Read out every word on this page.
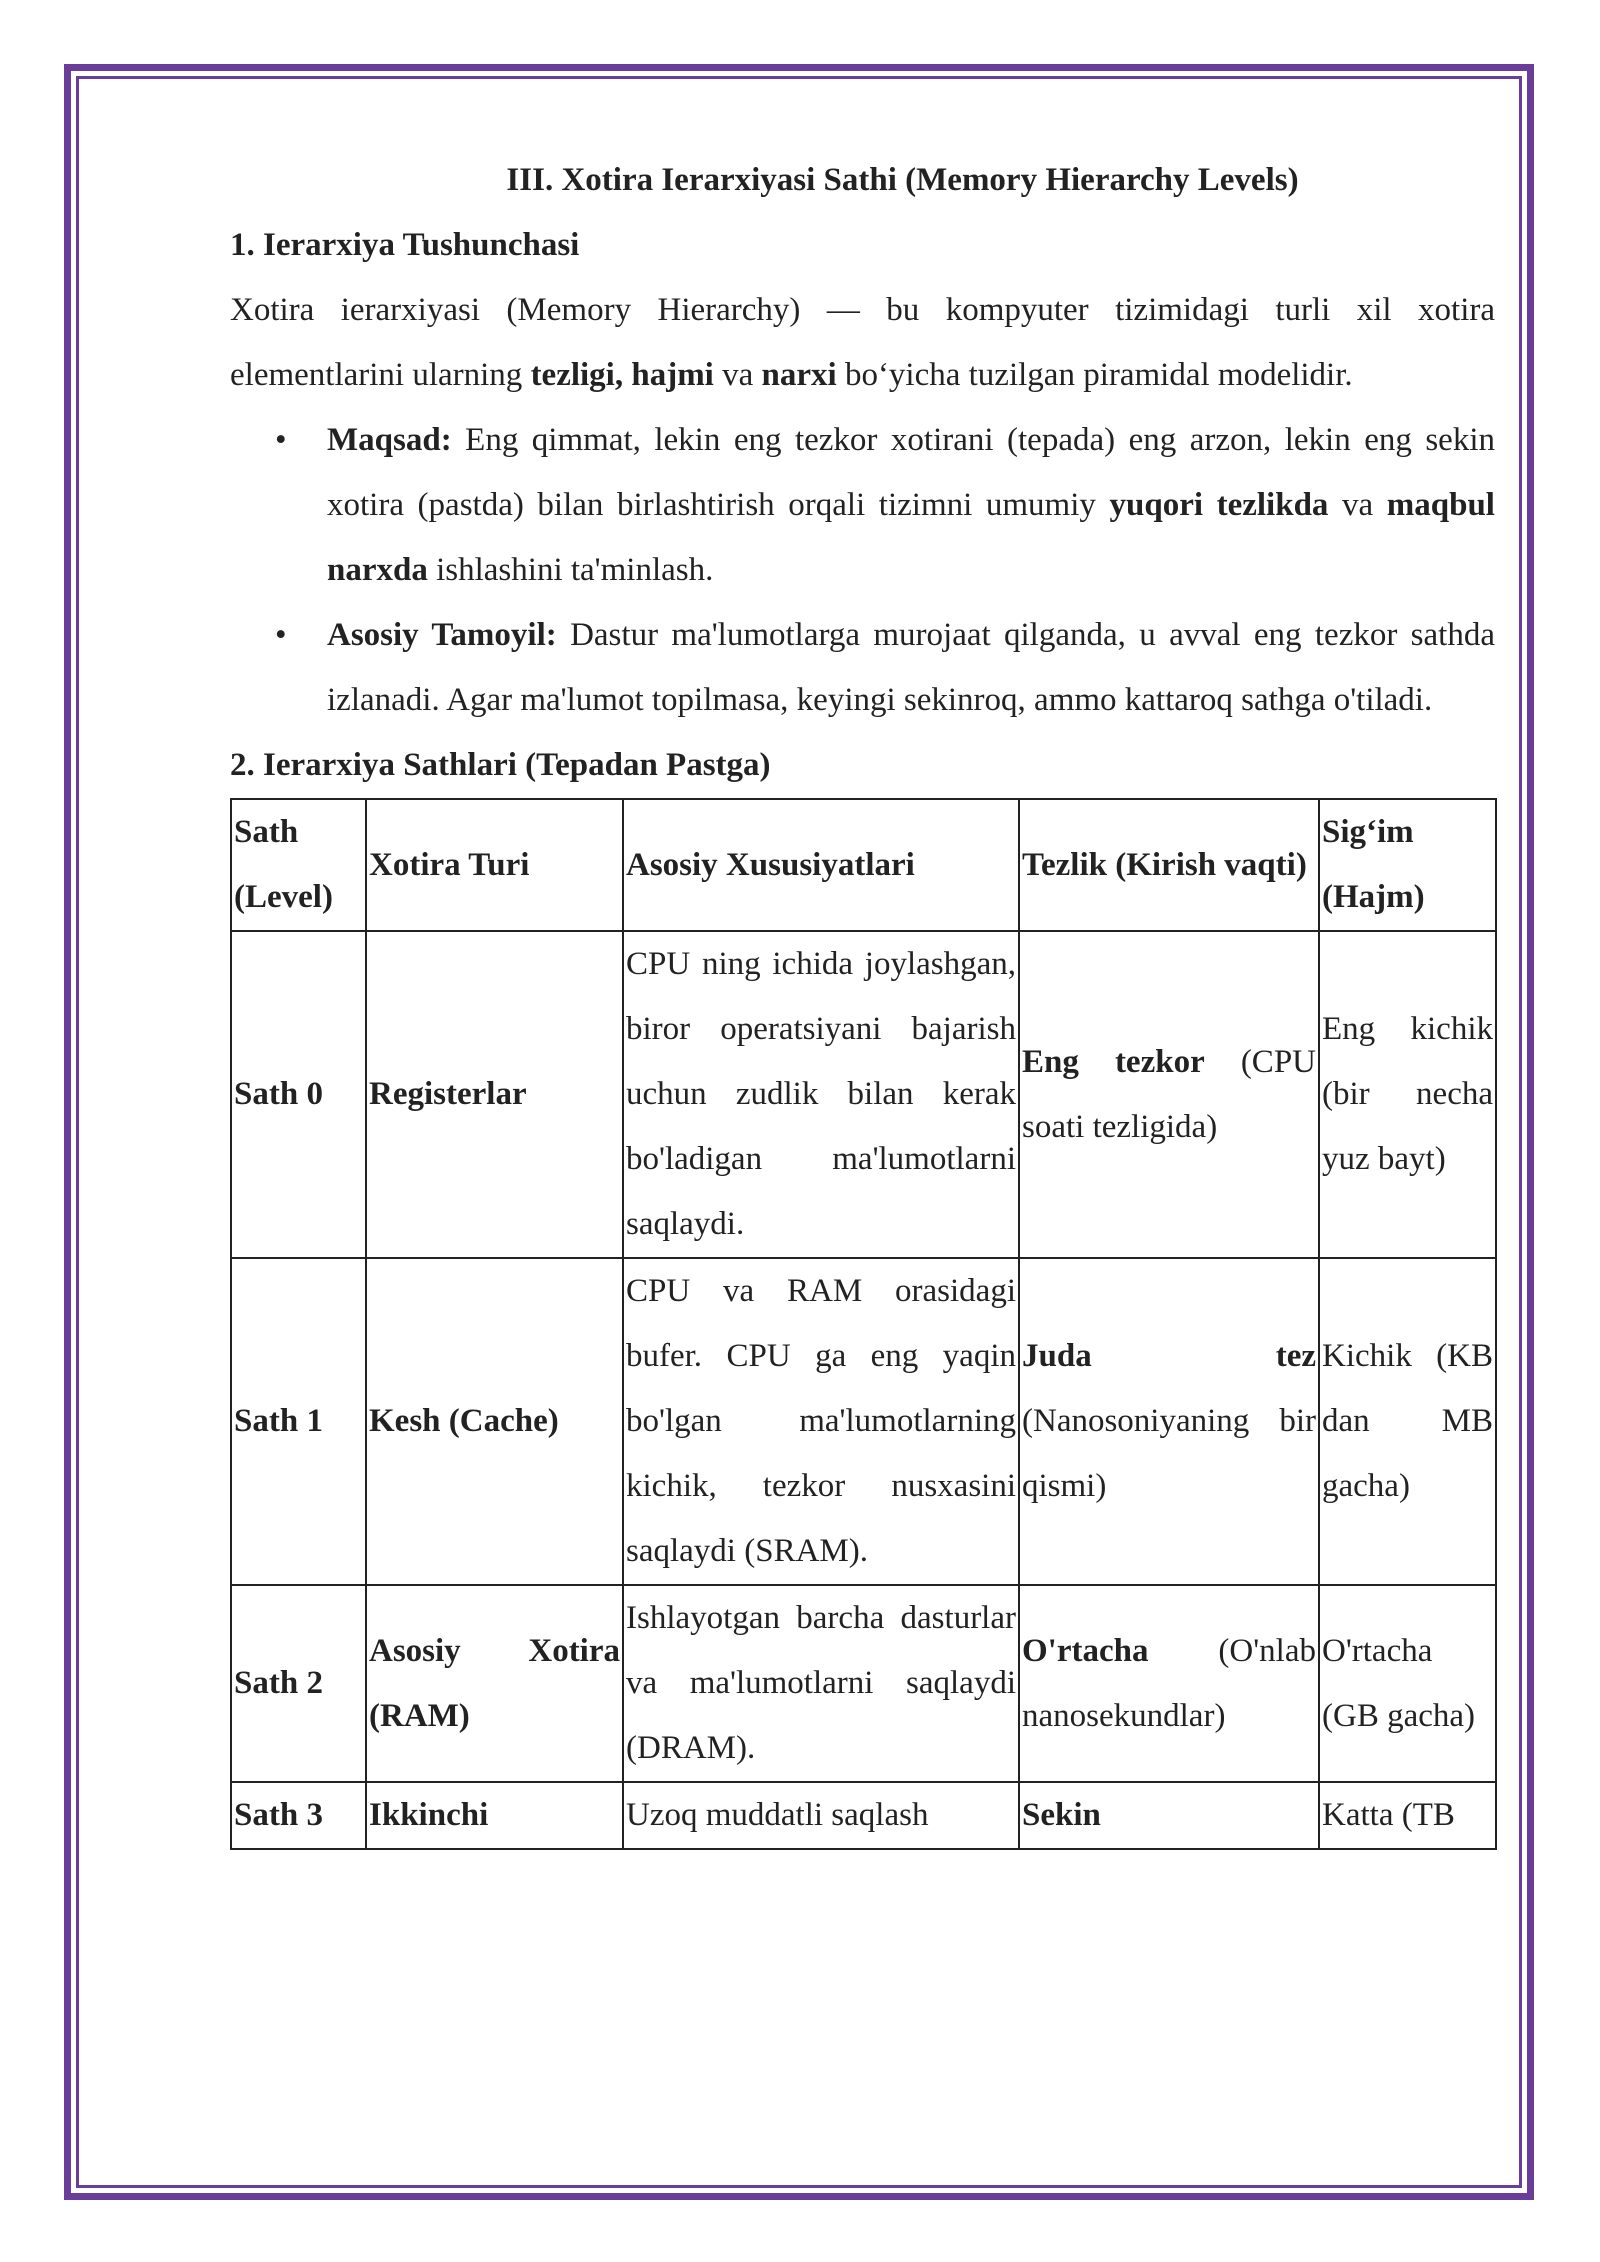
III. Xotira Ierarxiyasi Sathi (Memory Hierarchy Levels)

1. Ierarxiya Tushunchasi

Xotira ierarxiyasi (Memory Hierarchy) — bu kompyuter tizimidagi turli xil xotira elementlarini ularning tezligi, hajmi va narxi bo‘yicha tuzilgan piramidal modelidir.

• Maqsad: Eng qimmat, lekin eng tezkor xotirani (tepada) eng arzon, lekin eng sekin xotira (pastda) bilan birlashtirish orqali tizimni umumiy yuqori tezlikda va maqbul narxda ishlashini ta'minlash.
• Asosiy Tamoyil: Dastur ma'lumotlarga murojaat qilganda, u avval eng tezkor sathda izlanadi. Agar ma'lumot topilmasa, keyingi sekinroq, ammo kattaroq sathga o'tiladi.

2. Ierarxiya Sathlari (Tepadan Pastga)

Sath (Level)	Xotira Turi	Asosiy Xususiyatlari	Tezlik (Kirish vaqti)	Sig‘im (Hajm)
Sath 0	Registerlar	CPU ning ichida joylashgan, biror operatsiyani bajarish uchun zudlik bilan kerak bo'ladigan ma'lumotlarni saqlaydi.	Eng tezkor (CPU soati tezligida)	Eng kichik (bir necha yuz bayt)
Sath 1	Kesh (Cache)	CPU va RAM orasidagi bufer. CPU ga eng yaqin bo'lgan ma'lumotlarning kichik, tezkor nusxasini saqlaydi (SRAM).	Juda tez (Nanosoniyaning bir qismi)	Kichik (KB dan MB gacha)
Sath 2	Asosiy Xotira (RAM)	Ishlayotgan barcha dasturlar va ma'lumotlarni saqlaydi (DRAM).	O'rtacha (O'nlab nanosekundlar)	O'rtacha (GB gacha)
Sath 3	Ikkinchi	Uzoq muddatli saqlash	Sekin	Katta (TB
